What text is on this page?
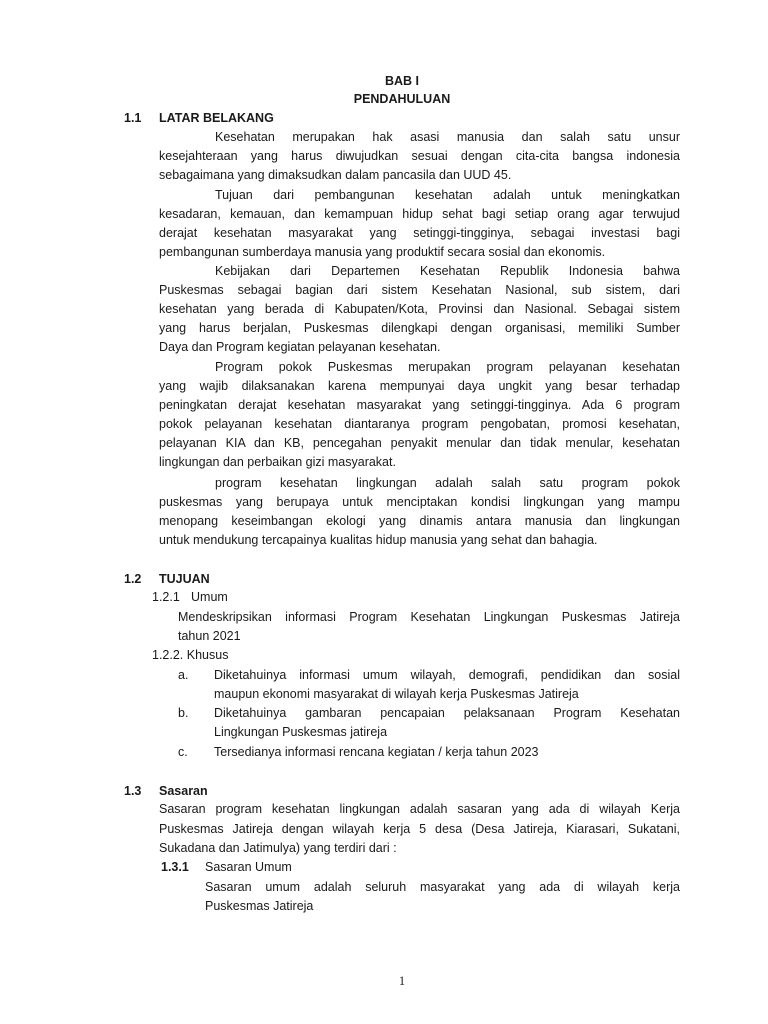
BAB I
PENDAHULUAN
1.1 LATAR BELAKANG
Kesehatan merupakan hak asasi manusia dan salah satu unsur
kesejahteraan yang harus diwujudkan sesuai dengan cita-cita bangsa indonesia
sebagaimana yang dimaksudkan dalam pancasila dan UUD 45.
Tujuan dari pembangunan kesehatan adalah untuk meningkatkan
kesadaran, kemauan, dan kemampuan hidup sehat bagi setiap orang agar terwujud
derajat kesehatan masyarakat yang setinggi-tingginya, sebagai investasi bagi
pembangunan sumberdaya manusia yang produktif secara sosial dan ekonomis.
Kebijakan dari Departemen Kesehatan Republik Indonesia bahwa
Puskesmas sebagai bagian dari sistem Kesehatan Nasional, sub sistem, dari
kesehatan yang berada di Kabupaten/Kota, Provinsi dan Nasional. Sebagai sistem
yang harus berjalan, Puskesmas dilengkapi dengan organisasi, memiliki Sumber
Daya dan Program kegiatan pelayanan kesehatan.
Program pokok Puskesmas merupakan program pelayanan kesehatan
yang wajib dilaksanakan karena mempunyai daya ungkit yang besar terhadap
peningkatan derajat kesehatan masyarakat yang setinggi-tingginya. Ada 6 program
pokok pelayanan kesehatan diantaranya program pengobatan, promosi kesehatan,
pelayanan KIA dan KB, pencegahan penyakit menular dan tidak menular, kesehatan
lingkungan dan perbaikan gizi masyarakat.
program kesehatan lingkungan adalah salah satu program pokok
puskesmas yang berupaya untuk menciptakan kondisi lingkungan yang mampu
menopang keseimbangan ekologi yang dinamis antara manusia dan lingkungan
untuk mendukung tercapainya kualitas hidup manusia yang sehat dan bahagia.
1.2 TUJUAN
1.2.1 Umum
Mendeskripsikan informasi Program Kesehatan Lingkungan Puskesmas Jatireja
tahun 2021
1.2.2. Khusus
a. Diketahuinya informasi umum wilayah, demografi, pendidikan dan sosial
maupun ekonomi masyarakat di wilayah kerja Puskesmas Jatireja
b. Diketahuinya gambaran pencapaian pelaksanaan Program Kesehatan
Lingkungan Puskesmas jatireja
c. Tersedianya informasi rencana kegiatan / kerja tahun 2023
1.3 Sasaran
Sasaran program kesehatan lingkungan adalah sasaran yang ada di wilayah Kerja
Puskesmas Jatireja dengan wilayah kerja 5 desa (Desa Jatireja, Kiarasari, Sukatani,
Sukadana dan Jatimulya) yang terdiri dari :
1.3.1 Sasaran Umum
Sasaran umum adalah seluruh masyarakat yang ada di wilayah kerja
Puskesmas Jatireja
1
